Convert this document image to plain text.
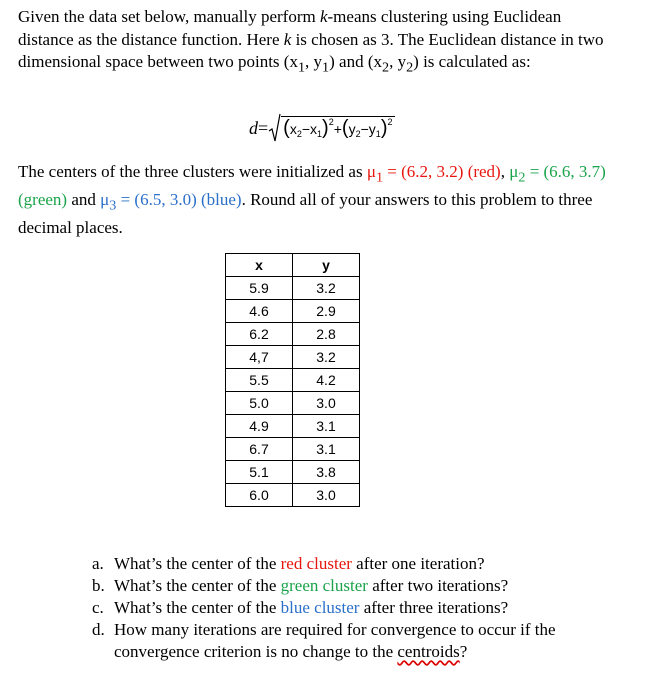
Given the data set below, manually perform k-means clustering using Euclidean distance as the distance function. Here k is chosen as 3. The Euclidean distance in two dimensional space between two points ($x_1$, $y_1$) and ($x_2$, $y_2$) is calculated as:
$d= (x_2-x_1)^2+(y_2-y_1)^2$
The centers of the three clusters were initialized as $\mu_1 = (6.2$, 3.2) (red), $\mu_2 = (6.6$, 3.7) (green) and $\mu_3 = (6.5$, 3.0) (blue). Round all of your answers to this problem to three decimal places.
x	y
5.9	3.2
4.6	2.9
6.2	2.8
4,7	3.2
5.5	4.2
5.0	3.0
4.9	3.1
6.7	3.1
5.1	3.8
6.0	3.0
a. What’s the center of the red cluster after one iteration?
b. What’s the center of the green cluster after two iterations?
c. What’s the center of the blue cluster after three iterations?
d. How many iterations are required for convergence to occur if the convergence criterion is no change to the centroids?
